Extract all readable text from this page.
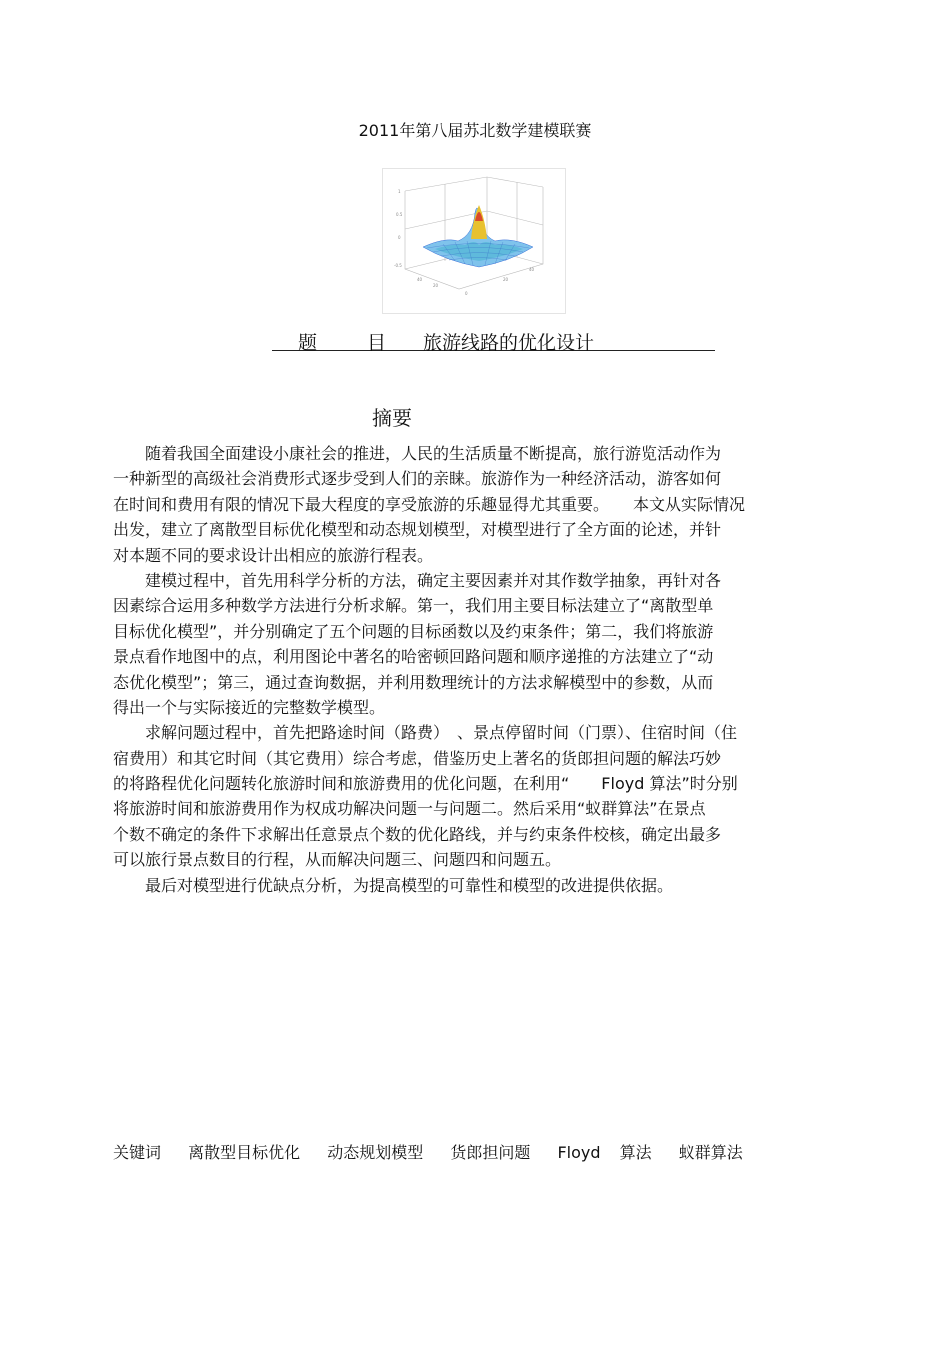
2011年第八届苏北数学建模联赛
1
0.5
0
-0.5
40
20
0
20
40
题 目 旅游线路的优化设计
摘要
　　随着我国全面建设小康社会的推进，人民的生活质量不断提高，旅行游览活动作为
一种新型的高级社会消费形式逐步受到人们的亲睐。旅游作为一种经济活动，游客如何
在时间和费用有限的情况下最大程度的享受旅游的乐趣显得尤其重要。　　本文从实际情况
出发，建立了离散型目标优化模型和动态规划模型，对模型进行了全方面的论述，并针
对本题不同的要求设计出相应的旅游行程表。
　　建模过程中，首先用科学分析的方法，确定主要因素并对其作数学抽象，再针对各
因素综合运用多种数学方法进行分析求解。第一，我们用主要目标法建立了“离散型单
目标优化模型”，并分别确定了五个问题的目标函数以及约束条件；第二，我们将旅游
景点看作地图中的点，利用图论中著名的哈密顿回路问题和顺序递推的方法建立了“动
态优化模型”；第三，通过查询数据，并利用数理统计的方法求解模型中的参数，从而
得出一个与实际接近的完整数学模型。
　　求解问题过程中，首先把路途时间（路费）　、景点停留时间（门票）、住宿时间（住
宿费用）和其它时间（其它费用）综合考虑，借鉴历史上著名的货郎担问题的解法巧妙
的将路程优化问题转化旅游时间和旅游费用的优化问题，在利用“　　Floyd 算法”时分别
将旅游时间和旅游费用作为权成功解决问题一与问题二。然后采用“蚁群算法”在景点
个数不确定的条件下求解出任意景点个数的优化路线，并与约束条件校核，确定出最多
可以旅行景点数目的行程，从而解决问题三、问题四和问题五。
　　最后对模型进行优缺点分析，为提高模型的可靠性和模型的改进提供依据。
关键词 离散型目标优化 动态规划模型 货郎担问题 Floyd 算法 蚁群算法
